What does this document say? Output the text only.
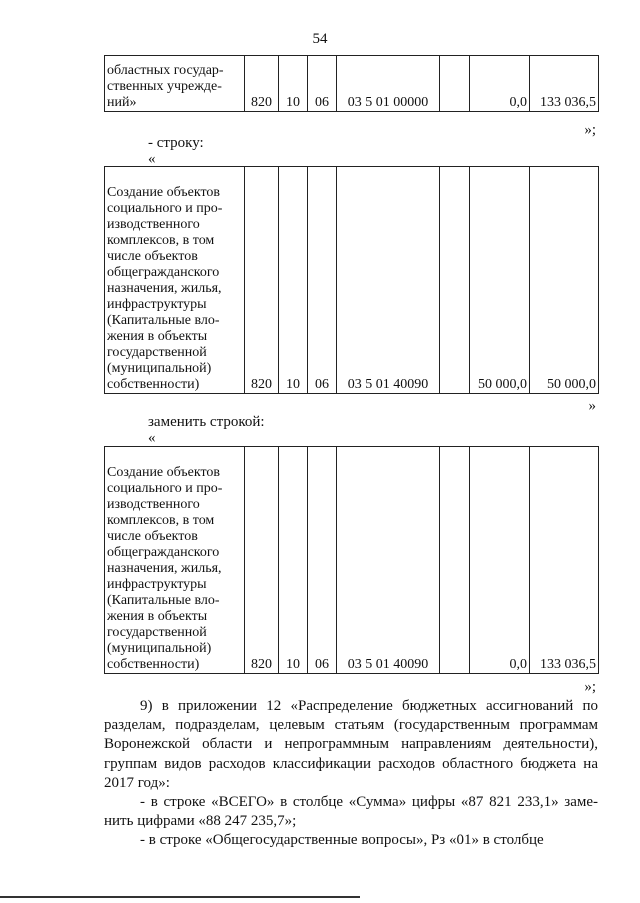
54
областных государ-ственных учрежде-ний»	820	10	06	03 5 01 00000		0,0	133 036,5
»;
- строку:
«
Создание объектов социального и про-изводственного комплексов, в том числе объектов общегражданского назначения, жилья, инфраструктуры (Капитальные вло-жения в объекты государственной (муниципальной) собственности)	820	10	06	03 5 01 40090		50 000,0	50 000,0
»
заменить строкой:
«
Создание объектов социального и про-изводственного комплексов, в том числе объектов общегражданского назначения, жилья, инфраструктуры (Капитальные вло-жения в объекты государственной (муниципальной) собственности)	820	10	06	03 5 01 40090		0,0	133 036,5
»;

9) в приложении 12 «Распределение бюджетных ассигнований по разделам, подразделам, целевым статьям (государственным программам Воронежской области и непрограммным направлениям деятельности), группам видов расходов классификации расходов областного бюджета на 2017 год»:

- в строке «ВСЕГО» в столбце «Сумма» цифры «87 821 233,1» заме-нить цифрами «88 247 235,7»;

- в строке «Общегосударственные вопросы», Рз «01» в столбце
